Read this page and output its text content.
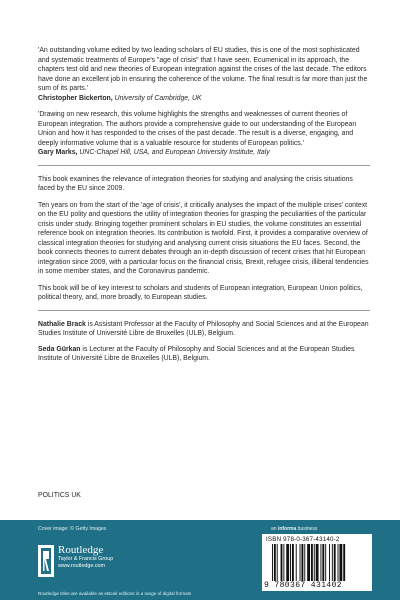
'An outstanding volume edited by two leading scholars of EU studies, this is one of the most sophisticated and systematic treatments of Europe's "age of crisis" that I have seen. Ecumenical in its approach, the chapters test old and new theories of European integration against the crises of the last decade. The editors have done an excellent job in ensuring the coherence of the volume. The final result is far more than just the sum of its parts.'
Christopher Bickerton, University of Cambridge, UK
'Drawing on new research, this volume highlights the strengths and weaknesses of current theories of European integration. The authors provide a comprehensive guide to our understanding of the European Union and how it has responded to the crises of the past decade. The result is a diverse, engaging, and deeply informative volume that is a valuable resource for students of European politics.'
Gary Marks, UNC-Chapel Hill, USA, and European University Institute, Italy

This book examines the relevance of integration theories for studying and analysing the crisis situations faced by the EU since 2009.

Ten years on from the start of the 'age of crisis', it critically analyses the impact of the multiple crises' context on the EU polity and questions the utility of integration theories for grasping the peculiarities of the particular crisis under study. Bringing together prominent scholars in EU studies, the volume constitutes an essential reference book on integration theories. Its contribution is twofold. First, it provides a comparative overview of classical integration theories for studying and analysing current crisis situations the EU faces. Second, the book connects theories to current debates through an in-depth discussion of recent crises that hit European integration since 2009, with a particular focus on the financial crisis, Brexit, refugee crisis, illiberal tendencies in some member states, and the Coronavirus pandemic.

This book will be of key interest to scholars and students of European integration, European Union politics, political theory, and, more broadly, to European studies.

Nathalie Brack is Assistant Professor at the Faculty of Philosophy and Social Sciences and at the European Studies Institute of Université Libre de Bruxelles (ULB), Belgium.
Seda Gürkan is Lecturer at the Faculty of Philosophy and Social Sciences and at the European Studies Institute of Université Libre de Bruxelles (ULB), Belgium.
POLITICS UK
Cover image: © Getty Images
Routledge
Taylor & Francis Group
www.routledge.com
Routledge titles are available as eBook editions in a range of digital formats
an informa business
ISBN 978-0-367-43140-2
9 780367 431402
